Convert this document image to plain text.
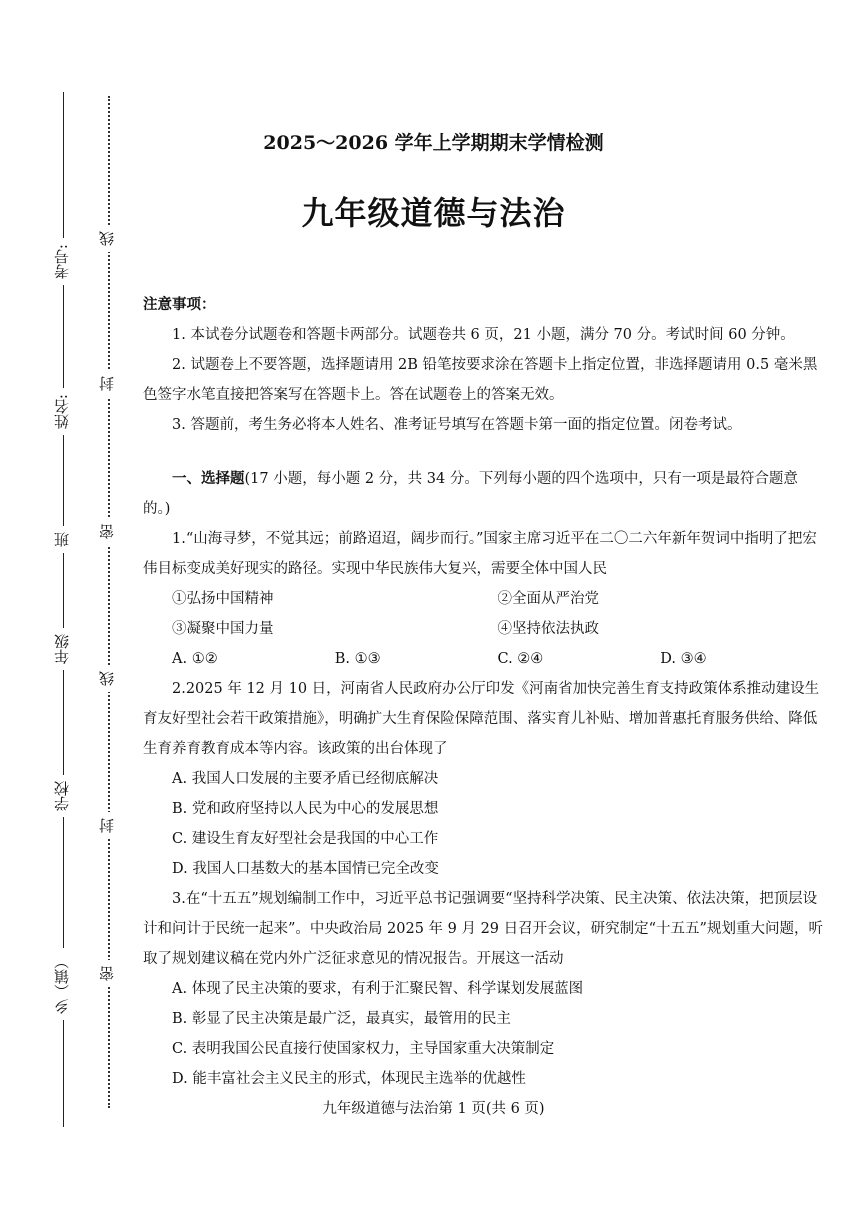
考号:
姓名:
班
年级
学校
乡（镇）
线
封
密
线
封
密
2025～2026 学年上学期期末学情检测
九年级道德与法治

注意事项：

1. 本试卷分试题卷和答题卡两部分。试题卷共 6 页，21 小题，满分 70 分。考试时间 60 分钟。

2. 试题卷上不要答题，选择题请用 2B 铅笔按要求涂在答题卡上指定位置，非选择题请用 0.5 毫米黑色签字水笔直接把答案写在答题卡上。答在试题卷上的答案无效。

3. 答题前，考生务必将本人姓名、准考证号填写在答题卡第一面的指定位置。闭卷考试。

一、选择题(17 小题，每小题 2 分，共 34 分。下列每小题的四个选项中，只有一项是最符合题意的。)

1.“山海寻梦，不觉其远；前路迢迢，阔步而行。”国家主席习近平在二〇二六年新年贺词中指明了把宏伟目标变成美好现实的路径。实现中华民族伟大复兴，需要全体中国人民

①弘扬中国精神	②全面从严治党
③凝聚中国力量	④坚持依法执政
A. ①②	B. ①③	C. ②④	D. ③④

2.2025 年 12 月 10 日，河南省人民政府办公厅印发《河南省加快完善生育支持政策体系推动建设生育友好型社会若干政策措施》，明确扩大生育保险保障范围、落实育儿补贴、增加普惠托育服务供给、降低生育养育教育成本等内容。该政策的出台体现了

A. 我国人口发展的主要矛盾已经彻底解决

B. 党和政府坚持以人民为中心的发展思想

C. 建设生育友好型社会是我国的中心工作

D. 我国人口基数大的基本国情已完全改变

3.在“十五五”规划编制工作中，习近平总书记强调要“坚持科学决策、民主决策、依法决策，把顶层设计和问计于民统一起来”。中央政治局 2025 年 9 月 29 日召开会议，研究制定“十五五”规划重大问题，听取了规划建议稿在党内外广泛征求意见的情况报告。开展这一活动

A. 体现了民主决策的要求，有利于汇聚民智、科学谋划发展蓝图

B. 彰显了民主决策是最广泛，最真实，最管用的民主

C. 表明我国公民直接行使国家权力，主导国家重大决策制定

D. 能丰富社会主义民主的形式，体现民主选举的优越性

九年级道德与法治第 1 页(共 6 页)
